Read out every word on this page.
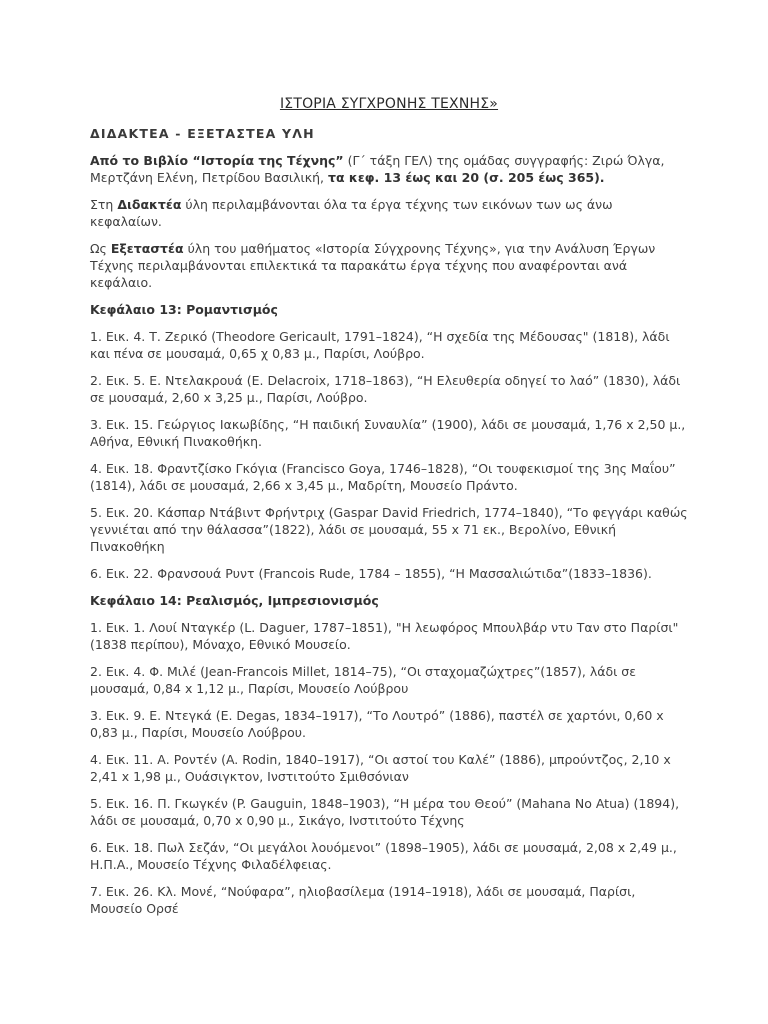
ΙΣΤΟΡΙΑ ΣΥΓΧΡΟΝΗΣ ΤΕΧΝΗΣ»
ΔΙΔΑΚΤΕΑ - ΕΞΕΤΑΣΤΕΑ ΥΛΗ

Από το Βιβλίο “Ιστορία της Τέχνης” (Γ΄ τάξη ΓΕΛ) της ομάδας συγγραφής: Ζιρώ Όλγα, Μερτζάνη Ελένη, Πετρίδου Βασιλική, τα κεφ. 13 έως και 20 (σ. 205 έως 365).

Στη Διδακτέα ύλη περιλαμβάνονται όλα τα έργα τέχνης των εικόνων των ως άνω κεφαλαίων.

Ως Εξεταστέα ύλη του μαθήματος «Ιστορία Σύγχρονης Τέχνης», για την Ανάλυση Έργων Τέχνης περιλαμβάνονται επιλεκτικά τα παρακάτω έργα τέχνης που αναφέρονται ανά κεφάλαιο.

Κεφάλαιο 13: Ρομαντισμός

1. Εικ. 4. Τ. Ζερικό (Theodore Gericault, 1791–1824), “Η σχεδία της Μέδουσας" (1818), λάδι και πένα σε μουσαμά, 0,65 χ 0,83 μ., Παρίσι, Λούβρο.

2. Εικ. 5. Ε. Ντελακρουά (E. Delacroix, 1718–1863), “Η Ελευθερία οδηγεί το λαό” (1830), λάδι σε μουσαμά, 2,60 x 3,25 μ., Παρίσι, Λούβρο.

3. Εικ. 15. Γεώργιος Ιακωβίδης, “Η παιδική Συναυλία” (1900), λάδι σε μουσαμά, 1,76 x 2,50 μ., Αθήνα, Εθνική Πινακοθήκη.

4. Εικ. 18. Φραντζίσκο Γκόγια (Francisco Goya, 1746–1828), “Οι τουφεκισμοί της 3ης Μαΐου” (1814), λάδι σε μουσαμά, 2,66 x 3,45 μ., Μαδρίτη, Μουσείο Πράντο.

5. Εικ. 20. Κάσπαρ Ντάβιντ Φρήντριχ (Gaspar David Friedrich, 1774–1840), “Το φεγγάρι καθώς γεννιέται από την θάλασσα”(1822), λάδι σε μουσαμά, 55 x 71 εκ., Βερολίνο, Εθνική Πινακοθήκη

6. Εικ. 22. Φρανσουά Ρυντ (Francois Rude, 1784 – 1855), “Η Μασσαλιώτιδα”(1833–1836).

Κεφάλαιο 14: Ρεαλισμός, Ιμπρεσιονισμός

1. Εικ. 1. Λουί Νταγκέρ (L. Daguer, 1787–1851), "Η λεωφόρος Μπουλβάρ ντυ Ταν στο Παρίσι" (1838 περίπου), Μόναχο, Εθνικό Μουσείο.

2. Εικ. 4. Φ. Μιλέ (Jean-Francois Millet, 1814–75), “Οι σταχομαζώχτρες”(1857), λάδι σε μουσαμά, 0,84 x 1,12 μ., Παρίσι, Μουσείο Λούβρου

3. Εικ. 9. Ε. Ντεγκά (E. Degas, 1834–1917), “Το Λουτρό” (1886), παστέλ σε χαρτόνι, 0,60 x 0,83 μ., Παρίσι, Μουσείο Λούβρου.

4. Εικ. 11. Α. Ροντέν (A. Rodin, 1840–1917), “Οι αστοί του Καλέ” (1886), μπρούντζος, 2,10 x 2,41 x 1,98 μ., Ουάσιγκτον, Ινστιτούτο Σμιθσόνιαν

5. Εικ. 16. Π. Γκωγκέν (P. Gauguin, 1848–1903), “Η μέρα του Θεού” (Mahana No Atua) (1894), λάδι σε μουσαμά, 0,70 x 0,90 μ., Σικάγο, Ινστιτούτο Τέχνης

6. Εικ. 18. Πωλ Σεζάν, “Οι μεγάλοι λουόμενοι” (1898–1905), λάδι σε μουσαμά, 2,08 x 2,49 μ., Η.Π.Α., Μουσείο Τέχνης Φιλαδέλφειας.

7. Εικ. 26. Κλ. Μονέ, “Νούφαρα”, ηλιοβασίλεμα (1914–1918), λάδι σε μουσαμά, Παρίσι, Μουσείο Ορσέ
